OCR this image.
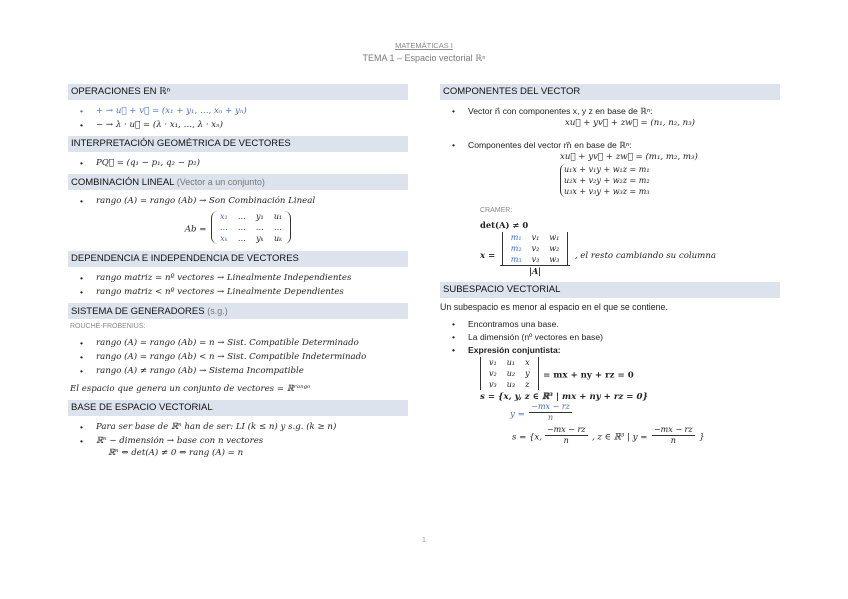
MATEMÁTICAS I
TEMA 1 – Espacio vectorial ℝⁿ
OPERACIONES EN ℝⁿ
• + → u⃗ + v⃗ = (x₁ + y₁, …, xₙ + yₙ)
• − → λ · u⃗ = (λ · x₁, …, λ · xₙ)
INTERPRETACIÓN GEOMÉTRICA DE VECTORES
• PQ⃗ = (q₁ − p₁, q₂ − p₂)
COMBINACIÓN LINEAL (Vector a un conjunto)
• rango (A) = rango (Ab) → Son Combinación Lineal
Ab =
x₁	…	y₁	u₁
…	…	…	…
xₖ	…	yₖ	uₖ
DEPENDENCIA E INDEPENDENCIA DE VECTORES
• rango matriz = nº vectores → Linealmente Independientes
• rango matriz < nº vectores → Linealmente Dependientes
SISTEMA DE GENERADORES (s.g.)
ROUCHÉ-FROBENIUS:
• rango (A) = rango (Ab) = n → Sist. Compatible Determinado
• rango (A) = rango (Ab) < n → Sist. Compatible Indeterminado
• rango (A) ≠ rango (Ab) → Sistema Incompatible
El espacio que genera un conjunto de vectores = ℝʳᵃⁿᵍᵒ
BASE DE ESPACIO VECTORIAL
• Para ser base de ℝⁿ han de ser: LI (k ≤ n) y s.g. (k ≥ n)
• ℝⁿ − dimensión → base con n vectores
ℝⁿ ⇔ det(A) ≠ 0 ⇔ rang (A) = n
COMPONENTES DEL VECTOR
• Vector n⃗ con componentes x, y z en base de ℝⁿ:
xu⃗ + yv⃗ + zw⃗ = (n₁, n₂, n₃)
• Componentes del vector m⃗ en base de ℝⁿ:
xu⃗ + yv⃗ + zw⃗ = (m₁, m₂, m₃)
u₁x + v₁y + w₁z = m₁
u₂x + v₂y + w₂z = m₂
u₃x + v₃y + w₃z = m₃
CRAMER:
det(A) ≠ 0
x =
m₁	v₁	w₁
m₂	v₂	w₂
m₃	v₃	w₃
|A|
, el resto cambiando su columna
SUBESPACIO VECTORIAL
Un subespacio es menor al espacio en el que se contiene.
• Encontramos una base.
• La dimensión (nº vectores en base)
• Expresión conjuntista:
v₁	u₁	x
v₂	u₂	y
v₃	u₃	z
= mx + ny + rz = 0
s = {x, y, z ∈ ℝ³ | mx + ny + rz = 0}
$y = \frac{-mx - rz}{n}$
s = {x, $\frac{-mx - rz}{n}$ , z ∈ ℝ³ | $y = \frac{-mx - rz}{n}$ }
1
